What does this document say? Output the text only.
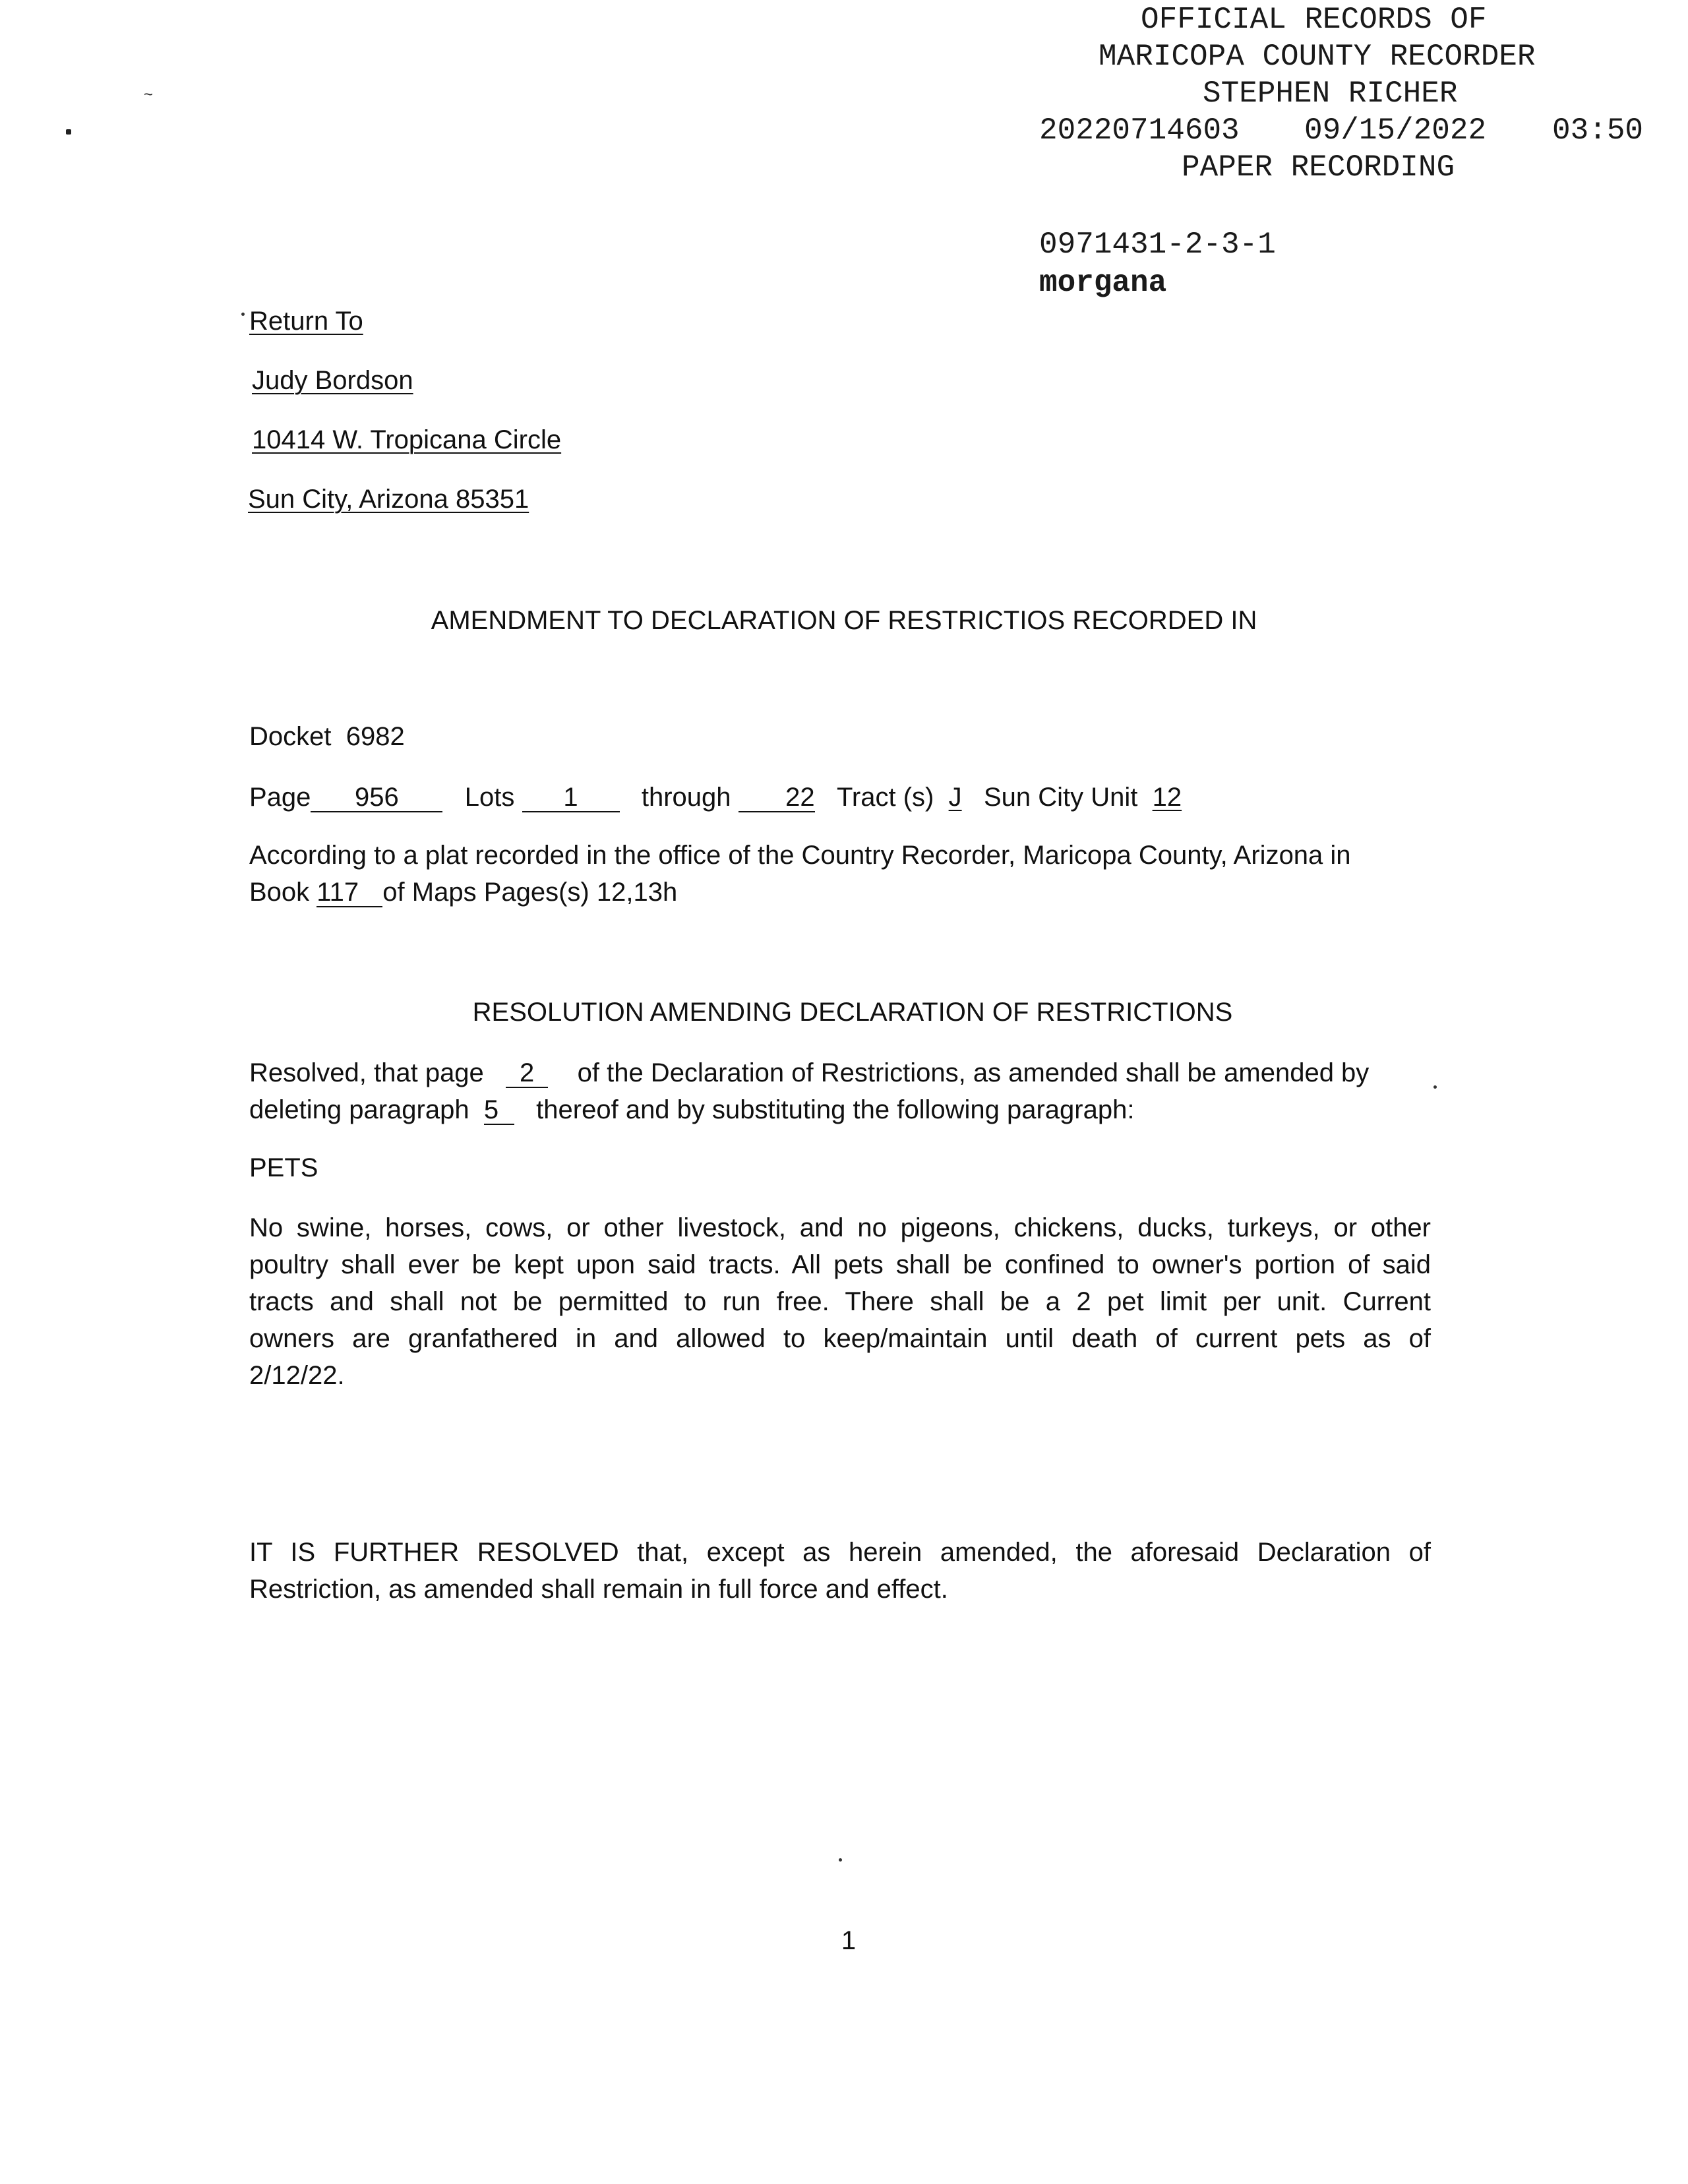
OFFICIAL RECORDS OF
MARICOPA COUNTY RECORDER
STEPHEN RICHER
20220714603 09/15/2022 03:50
PAPER RECORDING
0971431-2-3-1
morgana
~
Return To
Judy Bordson
10414 W. Tropicana Circle
Sun City, Arizona 85351
AMENDMENT TO DECLARATION OF RESTRICTIOS RECORDED IN
Docket 6982
Page 956 Lots 1 through 22 Tract (s) J Sun City Unit 12
According to a plat recorded in the office of the Country Recorder, Maricopa County, Arizona in
Book 117 of Maps Pages(s) 12,13h
RESOLUTION AMENDING DECLARATION OF RESTRICTIONS
Resolved, that page 2 of the Declaration of Restrictions, as amended shall be amended by
deleting paragraph 5 thereof and by substituting the following paragraph:
PETS
No swine, horses, cows, or other livestock, and no pigeons, chickens, ducks, turkeys, or other
poultry shall ever be kept upon said tracts. All pets shall be confined to owner's portion of said
tracts and shall not be permitted to run free. There shall be a 2 pet limit per unit. Current
owners are granfathered in and allowed to keep/maintain until death of current pets as of
2/12/22.
IT IS FURTHER RESOLVED that, except as herein amended, the aforesaid Declaration of
Restriction, as amended shall remain in full force and effect.
1
